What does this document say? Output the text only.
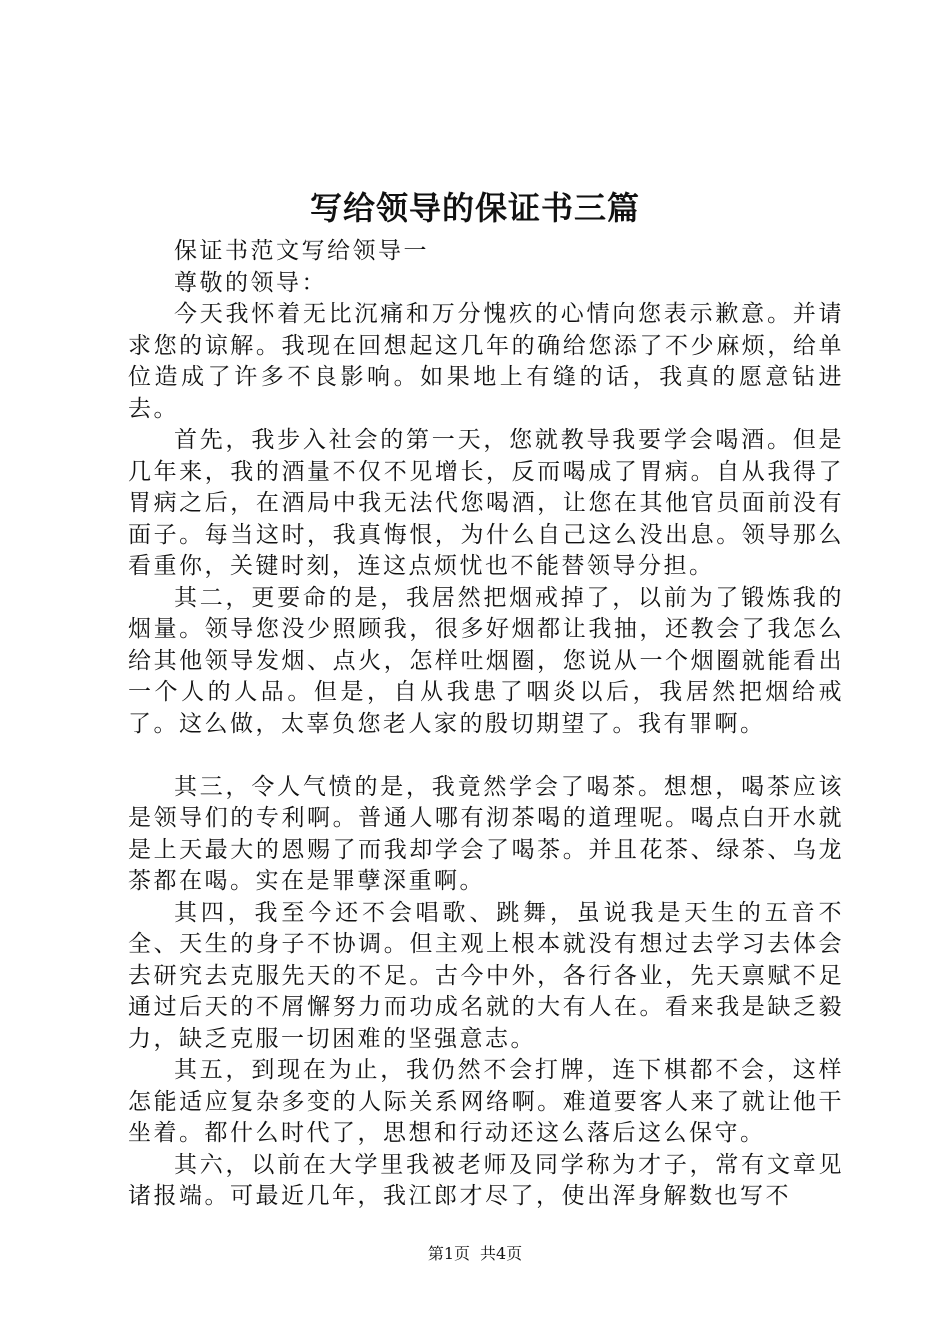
写给领导的保证书三篇

保证书范文写给领导一

尊敬的领导：

今天我怀着无比沉痛和万分愧疚的心情向您表示歉意。并请求您的谅解。我现在回想起这几年的确给您添了不少麻烦，给单位造成了许多不良影响。如果地上有缝的话，我真的愿意钻进去。

首先，我步入社会的第一天，您就教导我要学会喝酒。但是几年来，我的酒量不仅不见增长，反而喝成了胃病。自从我得了胃病之后，在酒局中我无法代您喝酒，让您在其他官员面前没有面子。每当这时，我真悔恨，为什么自己这么没出息。领导那么看重你，关键时刻，连这点烦忧也不能替领导分担。

其二，更要命的是，我居然把烟戒掉了，以前为了锻炼我的烟量。领导您没少照顾我，很多好烟都让我抽，还教会了我怎么给其他领导发烟、点火，怎样吐烟圈，您说从一个烟圈就能看出一个人的人品。但是，自从我患了咽炎以后，我居然把烟给戒了。这么做，太辜负您老人家的殷切期望了。我有罪啊。

其三，令人气愤的是，我竟然学会了喝茶。想想，喝茶应该是领导们的专利啊。普通人哪有沏茶喝的道理呢。喝点白开水就是上天最大的恩赐了而我却学会了喝茶。并且花茶、绿茶、乌龙茶都在喝。实在是罪孽深重啊。

其四，我至今还不会唱歌、跳舞，虽说我是天生的五音不全、天生的身子不协调。但主观上根本就没有想过去学习去体会去研究去克服先天的不足。古今中外，各行各业，先天禀赋不足通过后天的不屑懈努力而功成名就的大有人在。看来我是缺乏毅力，缺乏克服一切困难的坚强意志。

其五，到现在为止，我仍然不会打牌，连下棋都不会，这样怎能适应复杂多变的人际关系网络啊。难道要客人来了就让他干坐着。都什么时代了，思想和行动还这么落后这么保守。

其六，以前在大学里我被老师及同学称为才子，常有文章见诸报端。可最近几年，我江郎才尽了，使出浑身解数也写不

第1页 共4页
